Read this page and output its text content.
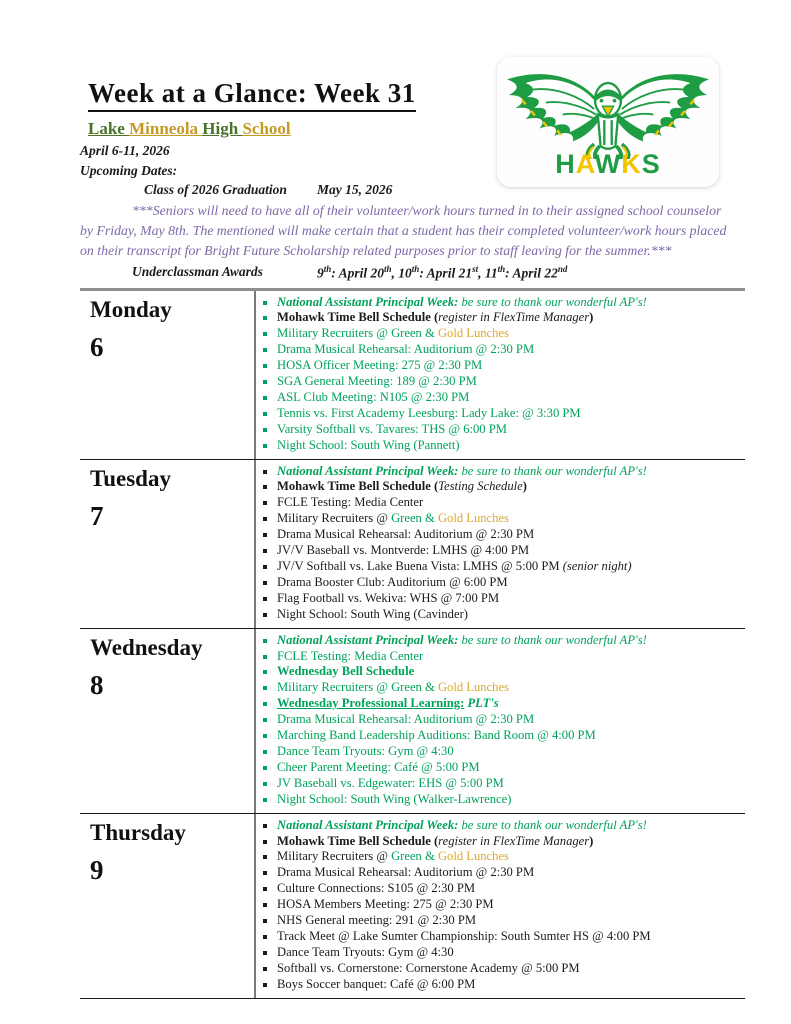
HAWKS
Week at a Glance: Week 31
Lake Minneola High School
April 6-11, 2026
Upcoming Dates:
Class of 2026 Graduation	May 15, 2026

***Seniors will need to have all of their volunteer/work hours turned in to their assigned school counselor by Friday, May 8th. The mentioned will make certain that a student has their completed volunteer/work hours placed on their transcript for Bright Future Scholarship related purposes prior to staff leaving for the summer.***

Underclassman Awards	9th: April 20th, 10th: April 21st, 11th: April 22nd
Monday
6
National Assistant Principal Week: be sure to thank our wonderful AP's!
Mohawk Time Bell Schedule (register in FlexTime Manager)
Military Recruiters @ Green & Gold Lunches
Drama Musical Rehearsal: Auditorium @ 2:30 PM
HOSA Officer Meeting: 275 @ 2:30 PM
SGA General Meeting: 189 @ 2:30 PM
ASL Club Meeting: N105 @ 2:30 PM
Tennis vs. First Academy Leesburg: Lady Lake: @ 3:30 PM
Varsity Softball vs. Tavares: THS @ 6:00 PM
Night School: South Wing (Pannett)
Tuesday
7
National Assistant Principal Week: be sure to thank our wonderful AP's!
Mohawk Time Bell Schedule (Testing Schedule)
FCLE Testing: Media Center
Military Recruiters @ Green & Gold Lunches
Drama Musical Rehearsal: Auditorium @ 2:30 PM
JV/V Baseball vs. Montverde: LMHS @ 4:00 PM
JV/V Softball vs. Lake Buena Vista: LMHS @ 5:00 PM (senior night)
Drama Booster Club: Auditorium @ 6:00 PM
Flag Football vs. Wekiva: WHS @ 7:00 PM
Night School: South Wing (Cavinder)
Wednesday
8
National Assistant Principal Week: be sure to thank our wonderful AP's!
FCLE Testing: Media Center
Wednesday Bell Schedule
Military Recruiters @ Green & Gold Lunches
Wednesday Professional Learning: PLT's
Drama Musical Rehearsal: Auditorium @ 2:30 PM
Marching Band Leadership Auditions: Band Room @ 4:00 PM
Dance Team Tryouts: Gym @ 4:30
Cheer Parent Meeting: Café @ 5:00 PM
JV Baseball vs. Edgewater: EHS @ 5:00 PM
Night School: South Wing (Walker-Lawrence)
Thursday
9
National Assistant Principal Week: be sure to thank our wonderful AP's!
Mohawk Time Bell Schedule (register in FlexTime Manager)
Military Recruiters @ Green & Gold Lunches
Drama Musical Rehearsal: Auditorium @ 2:30 PM
Culture Connections: S105 @ 2:30 PM
HOSA Members Meeting: 275 @ 2:30 PM
NHS General meeting: 291 @ 2:30 PM
Track Meet @ Lake Sumter Championship: South Sumter HS @ 4:00 PM
Dance Team Tryouts: Gym @ 4:30
Softball vs. Cornerstone: Cornerstone Academy @ 5:00 PM
Boys Soccer banquet: Café @ 6:00 PM
